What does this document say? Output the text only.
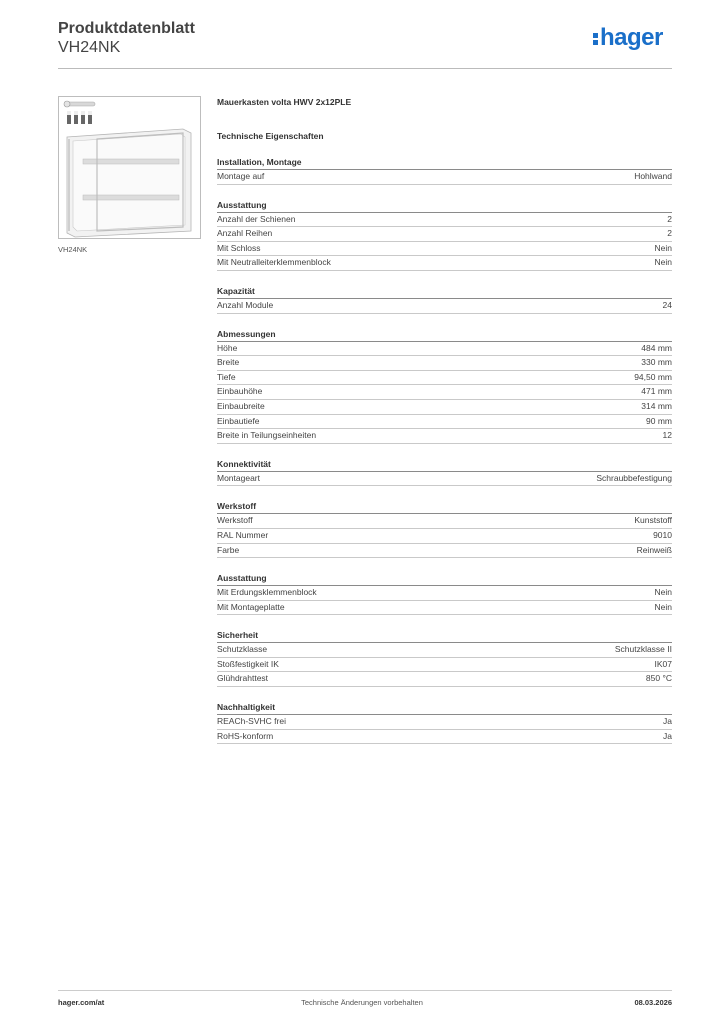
Produktdatenblatt
VH24NK	hager
VH24NK
Mauerkasten volta HWV 2x12PLE
Technische Eigenschaften
Installation, Montage
Montage auf	Hohlwand
Ausstattung
Anzahl der Schienen	2
Anzahl Reihen	2
Mit Schloss	Nein
Mit Neutralleiterklemmenblock	Nein
Kapazität
Anzahl Module	24
Abmessungen
Höhe	484 mm
Breite	330 mm
Tiefe	94,50 mm
Einbauhöhe	471 mm
Einbaubreite	314 mm
Einbautiefe	90 mm
Breite in Teilungseinheiten	12
Konnektivität
Montageart	Schraubbefestigung
Werkstoff
Werkstoff	Kunststoff
RAL Nummer	9010
Farbe	Reinweiß
Ausstattung
Mit Erdungsklemmenblock	Nein
Mit Montageplatte	Nein
Sicherheit
Schutzklasse	Schutzklasse II
Stoßfestigkeit IK	IK07
Glühdrahttest	850 °C
Nachhaltigkeit
REACh-SVHC frei	Ja
RoHS-konform	Ja
hager.com/at	Technische Änderungen vorbehalten	08.03.2026
